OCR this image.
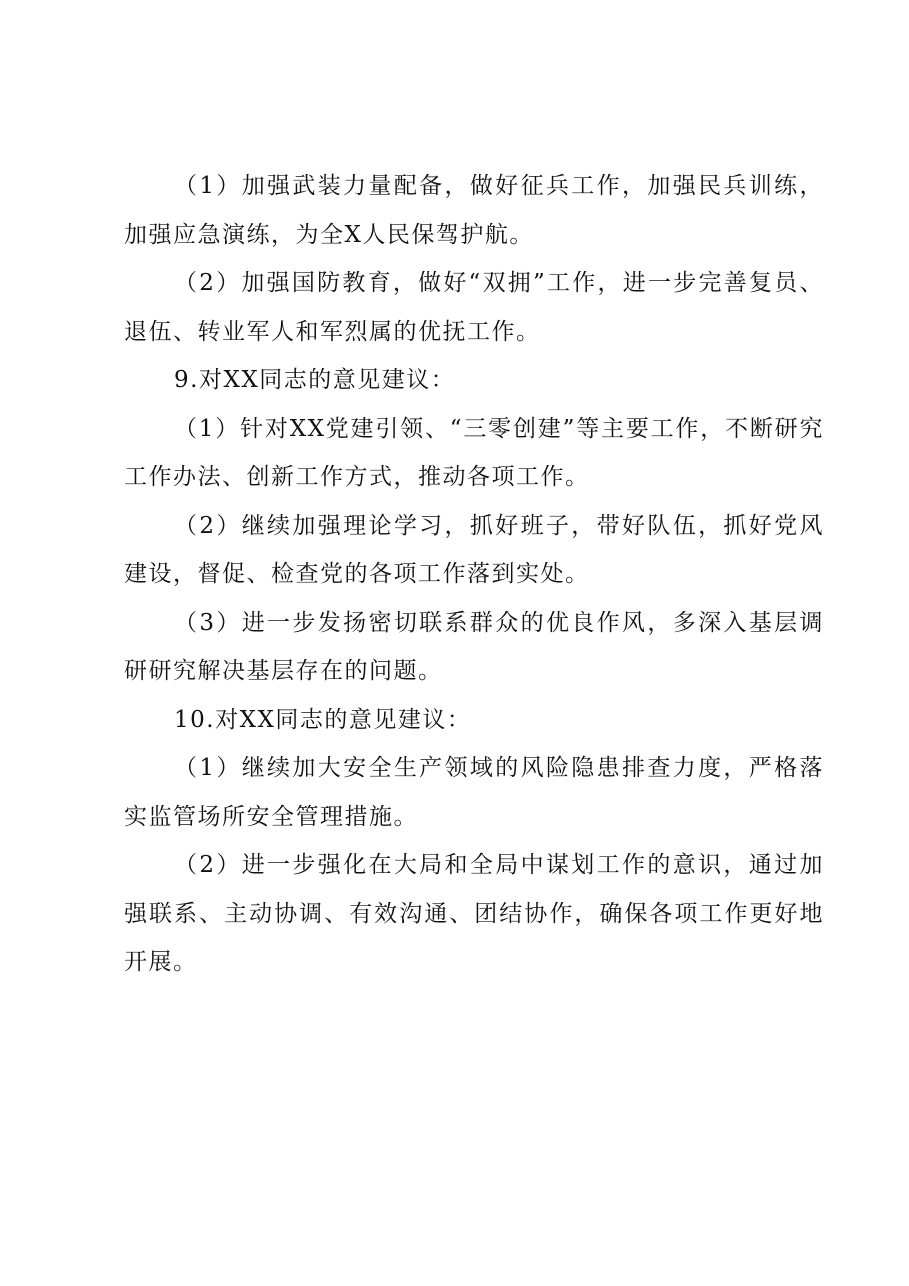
（1）加强武装力量配备，做好征兵工作，加强民兵训练，加强应急演练，为全X人民保驾护航。

（2）加强国防教育，做好“双拥”工作，进一步完善复员、退伍、转业军人和军烈属的优抚工作。

9.对XX同志的意见建议：

（1）针对XX党建引领、“三零创建”等主要工作，不断研究工作办法、创新工作方式，推动各项工作。

（2）继续加强理论学习，抓好班子，带好队伍，抓好党风建设，督促、检查党的各项工作落到实处。

（3）进一步发扬密切联系群众的优良作风，多深入基层调研研究解决基层存在的问题。

10.对XX同志的意见建议：

（1）继续加大安全生产领域的风险隐患排查力度，严格落实监管场所安全管理措施。

（2）进一步强化在大局和全局中谋划工作的意识，通过加强联系、主动协调、有效沟通、团结协作，确保各项工作更好地开展。
